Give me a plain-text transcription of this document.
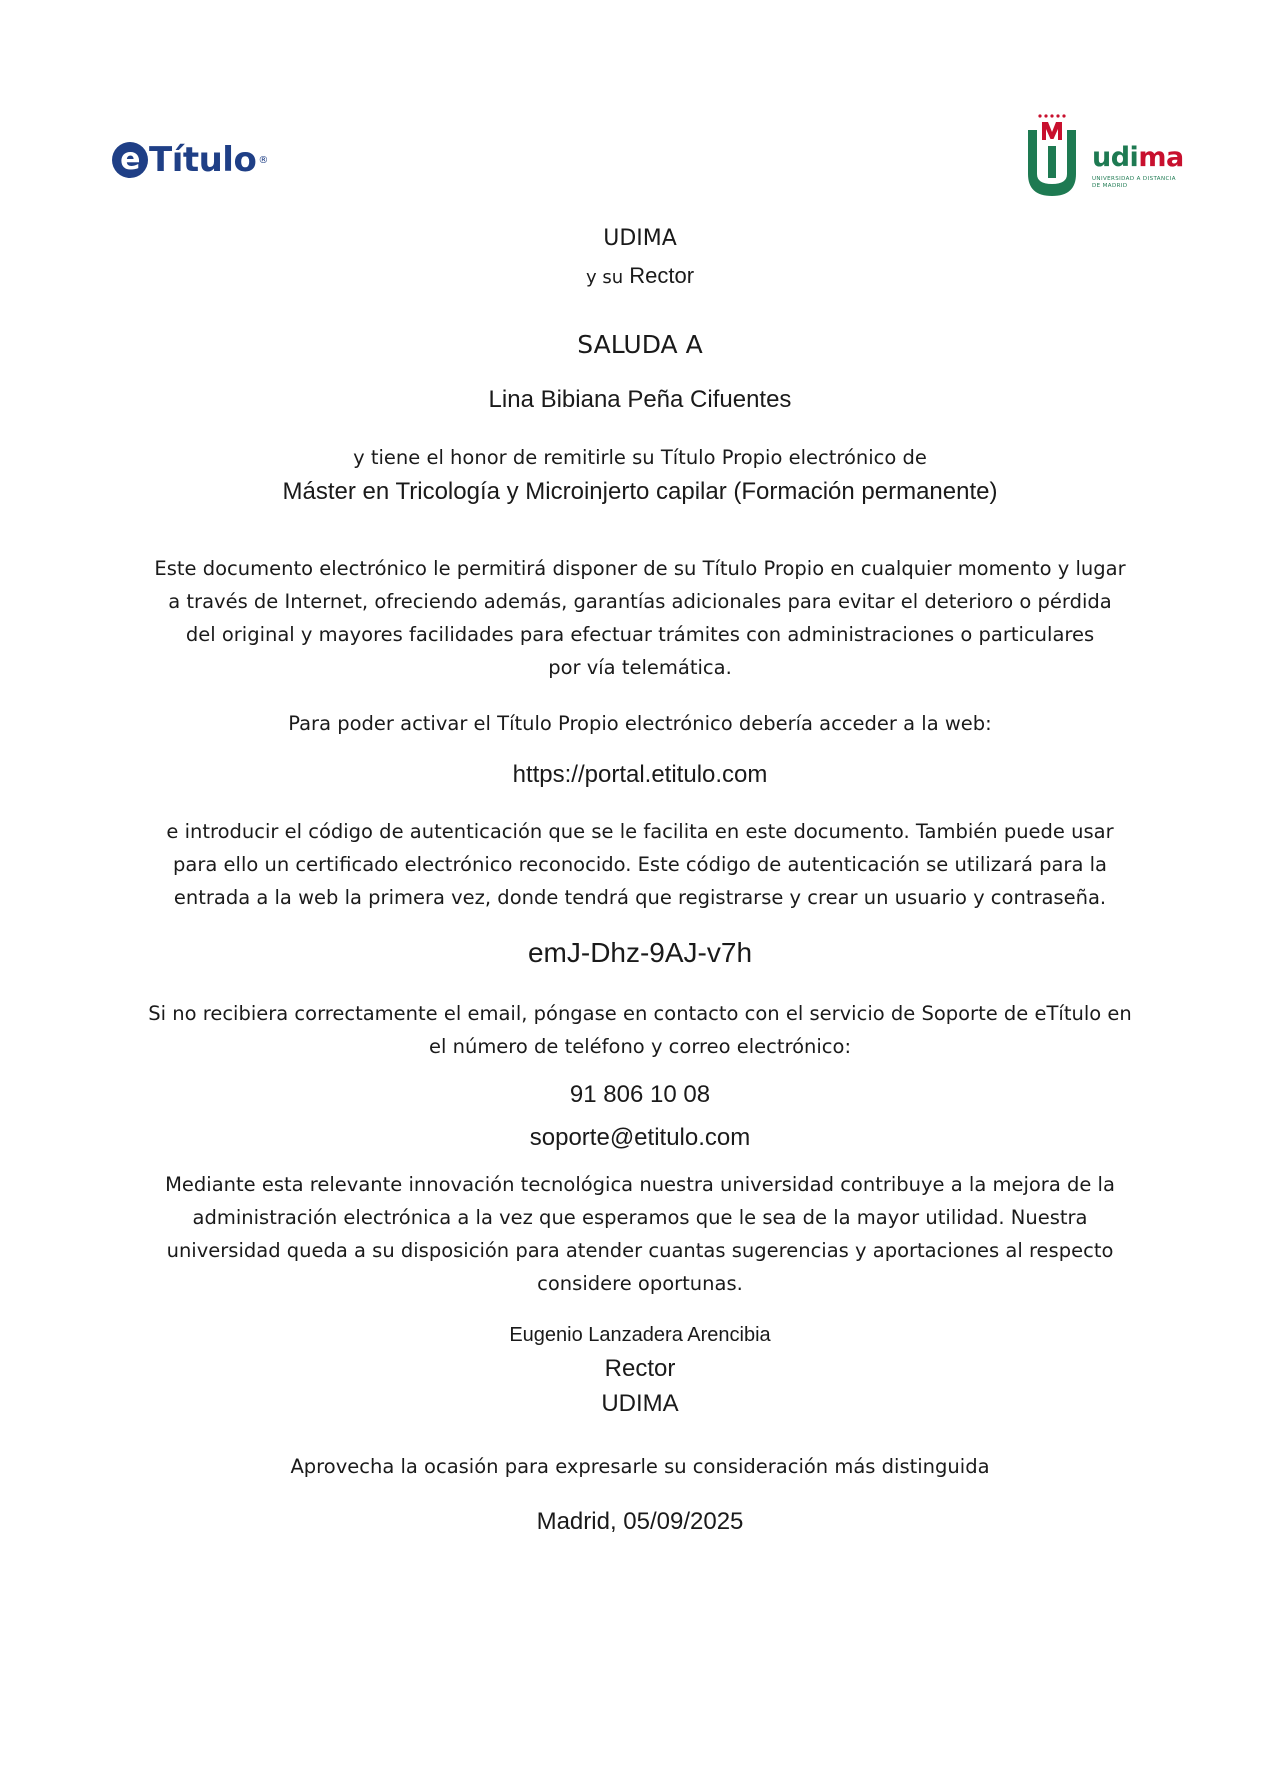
e Título ®	udima
UNIVERSIDAD A DISTANCIA
DE MADRID

UDIMA

y su Rector

SALUDA A

Lina Bibiana Peña Cifuentes

y tiene el honor de remitirle su Título Propio electrónico de

Máster en Tricología y Microinjerto capilar (Formación permanente)

Este documento electrónico le permitirá disponer de su Título Propio en cualquier momento y lugar
a través de Internet, ofreciendo además, garantías adicionales para evitar el deterioro o pérdida
del original y mayores facilidades para efectuar trámites con administraciones o particulares
por vía telemática.

Para poder activar el Título Propio electrónico debería acceder a la web:

https://portal.etitulo.com

e introducir el código de autenticación que se le facilita en este documento. También puede usar
para ello un certificado electrónico reconocido. Este código de autenticación se utilizará para la
entrada a la web la primera vez, donde tendrá que registrarse y crear un usuario y contraseña.

emJ-Dhz-9AJ-v7h

Si no recibiera correctamente el email, póngase en contacto con el servicio de Soporte de eTítulo en
el número de teléfono y correo electrónico:

91 806 10 08

soporte@etitulo.com

Mediante esta relevante innovación tecnológica nuestra universidad contribuye a la mejora de la
administración electrónica a la vez que esperamos que le sea de la mayor utilidad. Nuestra
universidad queda a su disposición para atender cuantas sugerencias y aportaciones al respecto
considere oportunas.

Eugenio Lanzadera Arencibia

Rector

UDIMA

Aprovecha la ocasión para expresarle su consideración más distinguida

Madrid, 05/09/2025
